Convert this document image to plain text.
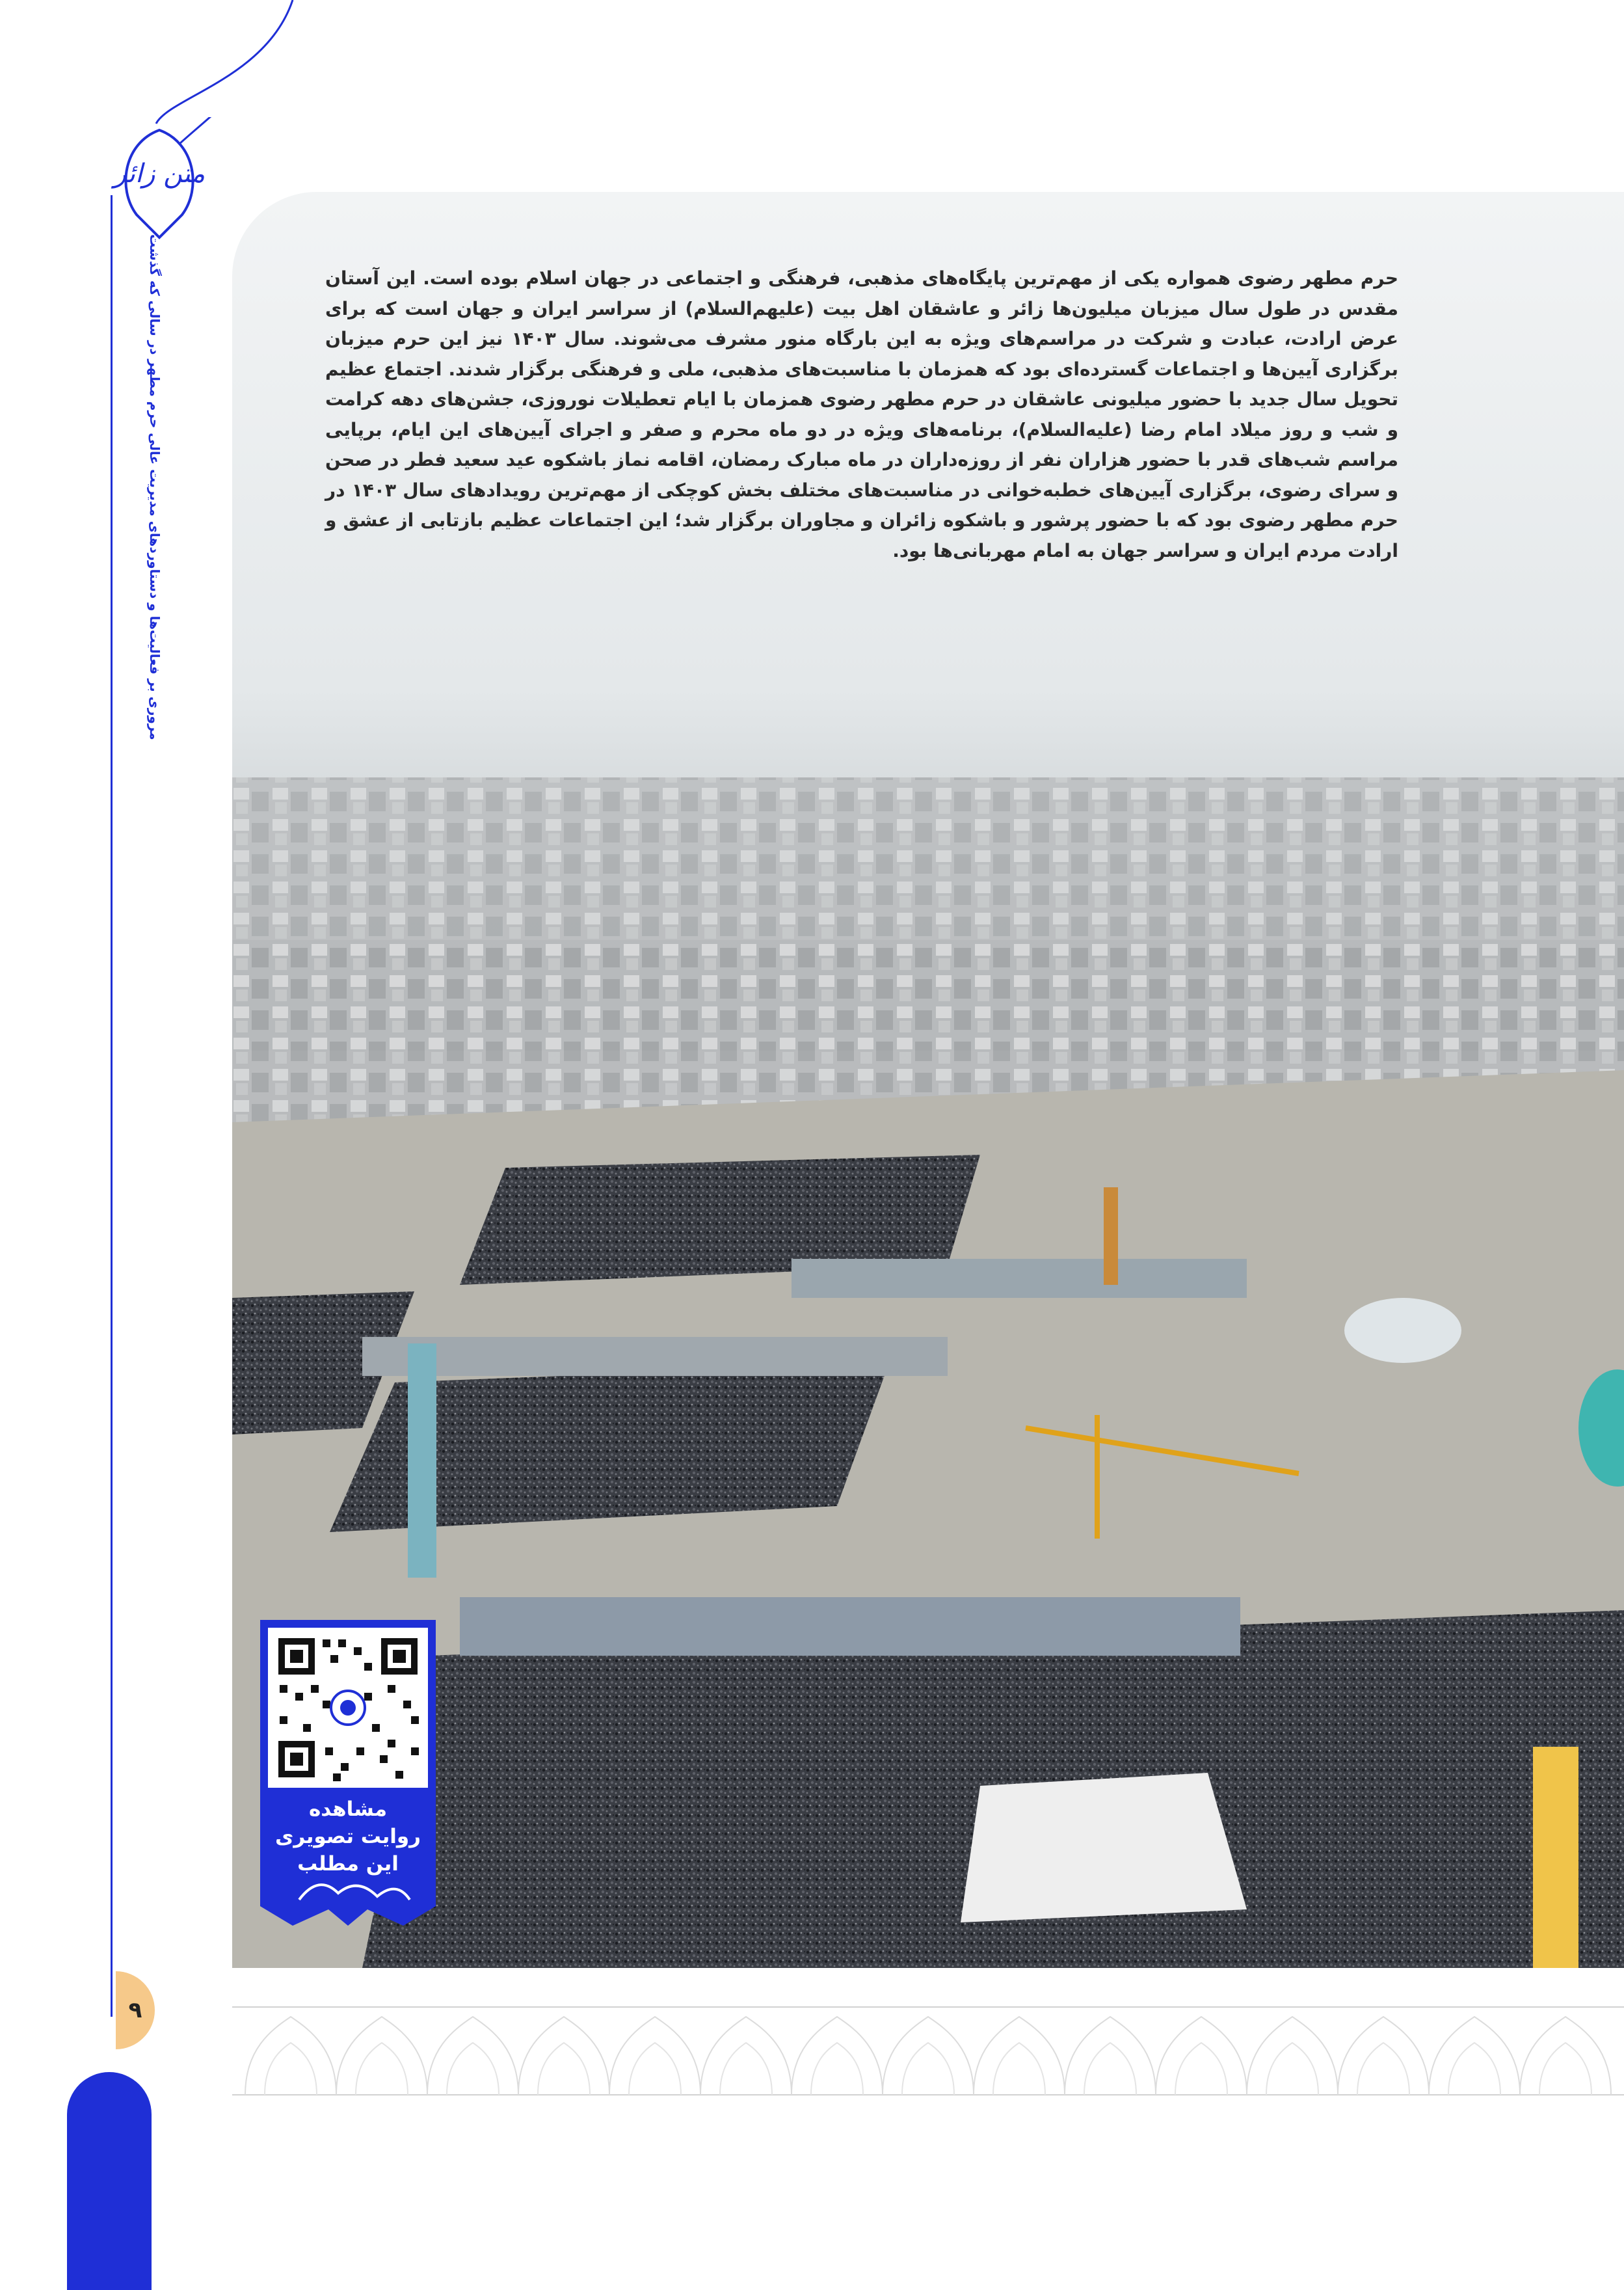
حرم مطهر رضوی همواره یکی از مهم‌ترین پایگاه‌های مذهبی، فرهنگی و اجتماعی در جهان اسلام بوده است. این آستان مقدس در طول سال میزبان میلیون‌ها زائر و عاشقان اهل بیت (علیهم‌السلام) از سراسر ایران و جهان است که برای عرض ارادت، عبادت و شرکت در مراسم‌های ویژه به این بارگاه منور مشرف می‌شوند. سال ۱۴۰۳ نیز این حرم میزبان برگزاری آیین‌ها و اجتماعات گسترده‌ای بود که همزمان با مناسبت‌های مذهبی، ملی و فرهنگی برگزار شدند. اجتماع عظیم تحویل سال جدید با حضور میلیونی عاشقان در حرم مطهر رضوی همزمان با ایام تعطیلات نوروزی، جشن‌های دهه کرامت و شب و روز میلاد امام رضا (علیه‌السلام)، برنامه‌های ویژه در دو ماه محرم و صفر و اجرای آیین‌های این ایام، برپایی مراسم شب‌های قدر با حضور هزاران نفر از روزه‌داران در ماه مبارک رمضان، اقامه نماز باشکوه عید سعید فطر در صحن و سرای رضوی، برگزاری آیین‌های خطبه‌خوانی در مناسبت‌های مختلف بخش کوچکی از مهم‌ترین رویدادهای سال ۱۴۰۳ در حرم مطهر رضوی بود که با حضور پرشور و باشکوه زائران و مجاوران برگزار شد؛ این اجتماعات عظیم بازتابی از عشق و ارادت مردم ایران و سراسر جهان به امام مهربانی‌ها بود.

متن زائر
مروری بر فعالیت‌ها و دستاوردهای مدیریت عالی حرم مطهر در سالی که گذشت
مشاهده
روایت تصویری
این مطلب
۹
